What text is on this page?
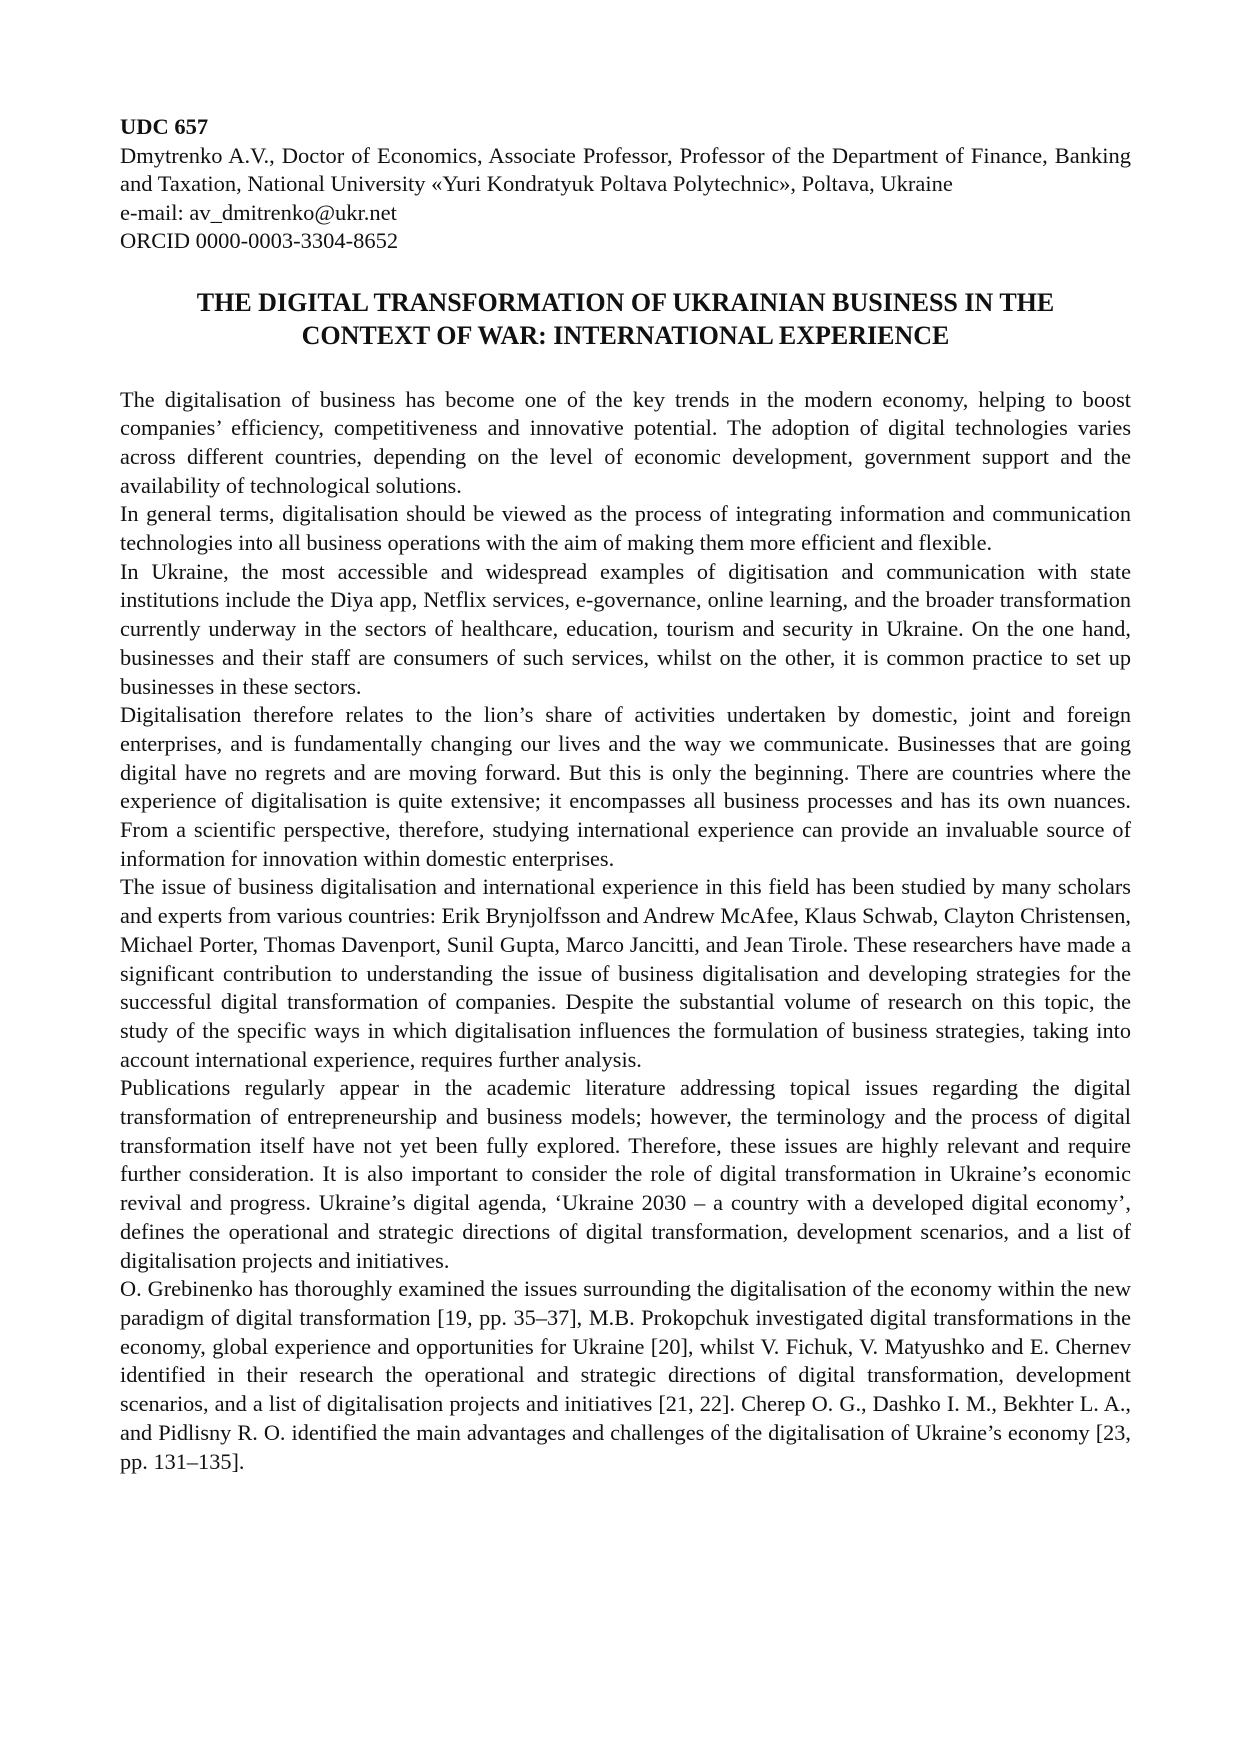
UDC 657
Dmytrenko A.V., Doctor of Economics, Associate Professor, Professor of the Department of Finance, Banking and Taxation, National University «Yuri Kondratyuk Poltava Polytechnic», Poltava, Ukraine
e-mail: av_dmitrenko@ukr.net
ORCID 0000-0003-3304-8652
THE DIGITAL TRANSFORMATION OF UKRAINIAN BUSINESS IN THE
CONTEXT OF WAR: INTERNATIONAL EXPERIENCE

The digitalisation of business has become one of the key trends in the modern economy, helping to boost companies’ efficiency, competitiveness and innovative potential. The adoption of digital technologies varies across different countries, depending on the level of economic development, government support and the availability of technological solutions.

In general terms, digitalisation should be viewed as the process of integrating information and communication technologies into all business operations with the aim of making them more efficient and flexible.

In Ukraine, the most accessible and widespread examples of digitisation and communication with state institutions include the Diya app, Netflix services, e-governance, online learning, and the broader transformation currently underway in the sectors of healthcare, education, tourism and security in Ukraine. On the one hand, businesses and their staff are consumers of such services, whilst on the other, it is common practice to set up businesses in these sectors.

Digitalisation therefore relates to the lion’s share of activities undertaken by domestic, joint and foreign enterprises, and is fundamentally changing our lives and the way we communicate. Businesses that are going digital have no regrets and are moving forward. But this is only the beginning. There are countries where the experience of digitalisation is quite extensive; it encompasses all business processes and has its own nuances. From a scientific perspective, therefore, studying international experience can provide an invaluable source of information for innovation within domestic enterprises.

The issue of business digitalisation and international experience in this field has been studied by many scholars and experts from various countries: Erik Brynjolfsson and Andrew McAfee, Klaus Schwab, Clayton Christensen, Michael Porter, Thomas Davenport, Sunil Gupta, Marco Jancitti, and Jean Tirole. These researchers have made a significant contribution to understanding the issue of business digitalisation and developing strategies for the successful digital transformation of companies. Despite the substantial volume of research on this topic, the study of the specific ways in which digitalisation influences the formulation of business strategies, taking into account international experience, requires further analysis.

Publications regularly appear in the academic literature addressing topical issues regarding the digital transformation of entrepreneurship and business models; however, the terminology and the process of digital transformation itself have not yet been fully explored. Therefore, these issues are highly relevant and require further consideration. It is also important to consider the role of digital transformation in Ukraine’s economic revival and progress. Ukraine’s digital agenda, ‘Ukraine 2030 – a country with a developed digital economy’, defines the operational and strategic directions of digital transformation, development scenarios, and a list of digitalisation projects and initiatives.

O. Grebinenko has thoroughly examined the issues surrounding the digitalisation of the economy within the new paradigm of digital transformation [19, pp. 35–37], M.B. Prokopchuk investigated digital transformations in the economy, global experience and opportunities for Ukraine [20], whilst V. Fichuk, V. Matyushko and E. Chernev identified in their research the operational and strategic directions of digital transformation, development scenarios, and a list of digitalisation projects and initiatives [21, 22]. Cherep O. G., Dashko I. M., Bekhter L. A., and Pidlisny R. O. identified the main advantages and challenges of the digitalisation of Ukraine’s economy [23, pp. 131–135].
